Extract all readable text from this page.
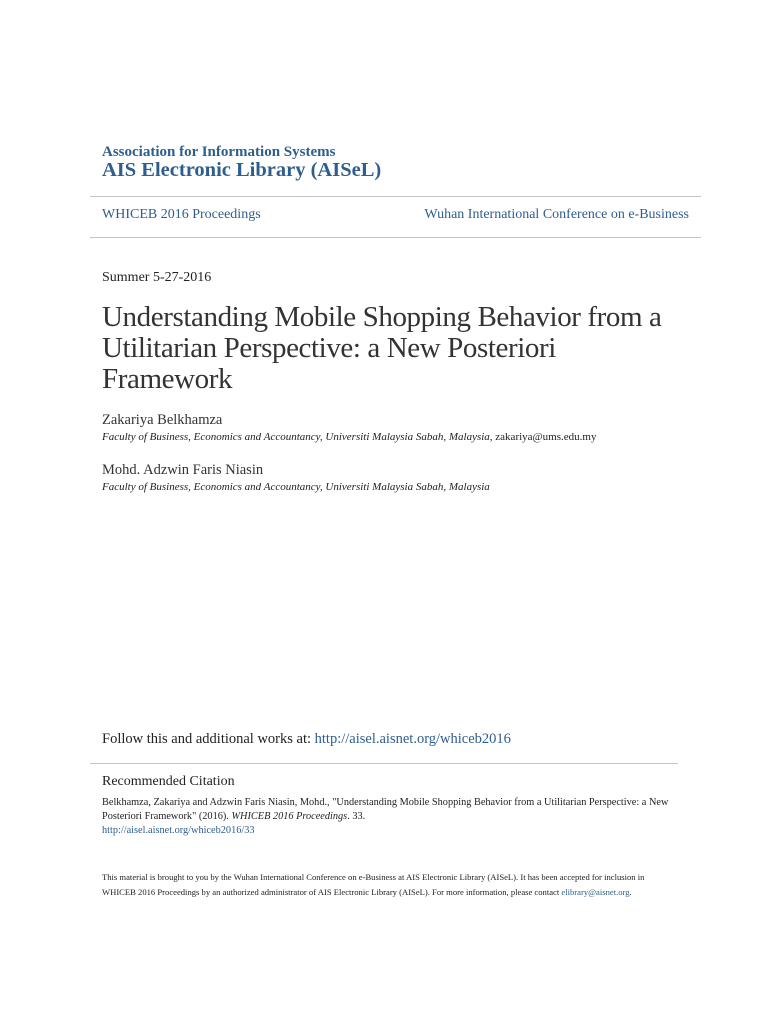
Association for Information Systems
AIS Electronic Library (AISeL)
WHICEB 2016 Proceedings	Wuhan International Conference on e-Business
Summer 5-27-2016
Understanding Mobile Shopping Behavior from a
Utilitarian Perspective: a New Posteriori
Framework
Zakariya Belkhamza
Faculty of Business, Economics and Accountancy, Universiti Malaysia Sabah, Malaysia, zakariya@ums.edu.my
Mohd. Adzwin Faris Niasin
Faculty of Business, Economics and Accountancy, Universiti Malaysia Sabah, Malaysia
Follow this and additional works at: http://aisel.aisnet.org/whiceb2016
Recommended Citation
Belkhamza, Zakariya and Adzwin Faris Niasin, Mohd., "Understanding Mobile Shopping Behavior from a Utilitarian Perspective: a New Posteriori Framework" (2016). WHICEB 2016 Proceedings. 33.
http://aisel.aisnet.org/whiceb2016/33
This material is brought to you by the Wuhan International Conference on e-Business at AIS Electronic Library (AISeL). It has been accepted for inclusion in WHICEB 2016 Proceedings by an authorized administrator of AIS Electronic Library (AISeL). For more information, please contact elibrary@aisnet.org.
